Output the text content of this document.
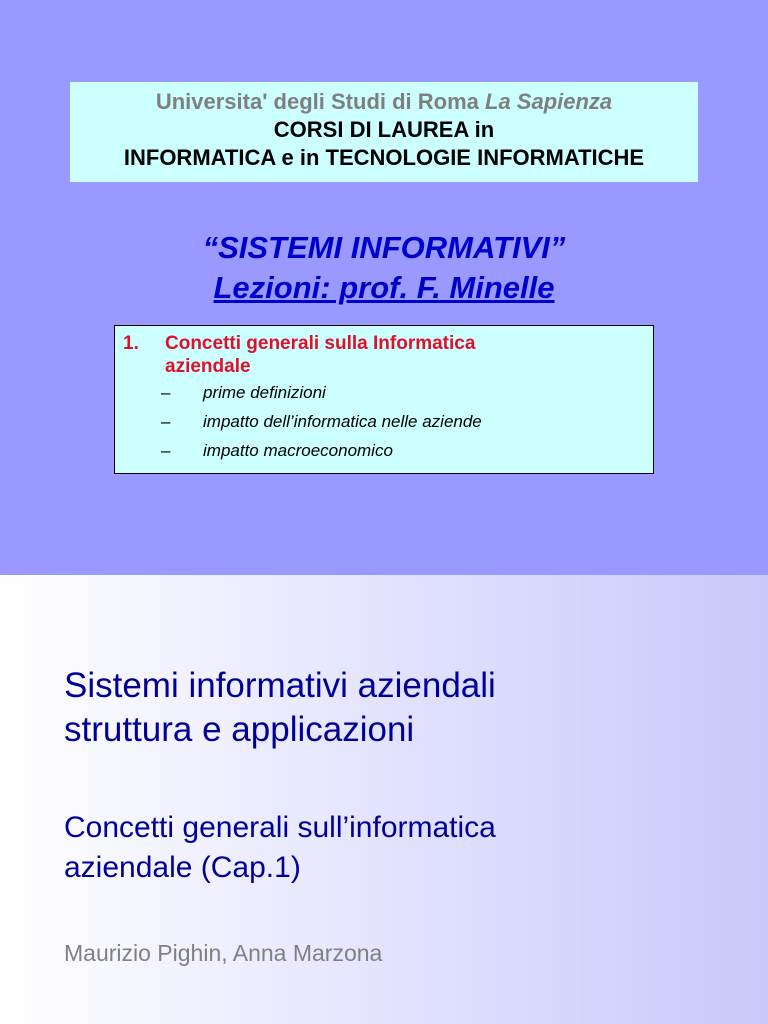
Universita' degli Studi di Roma La Sapienza
CORSI DI LAUREA in
INFORMATICA e in TECNOLOGIE INFORMATICHE
“SISTEMI INFORMATIVI”
Lezioni: prof. F. Minelle
1. Concetti generali sulla Informatica
aziendale
– prime definizioni
– impatto dell’informatica nelle aziende
– impatto macroeconomico
Sistemi informativi aziendali
struttura e applicazioni
Concetti generali sull’informatica
aziendale (Cap.1)
Maurizio Pighin, Anna Marzona
